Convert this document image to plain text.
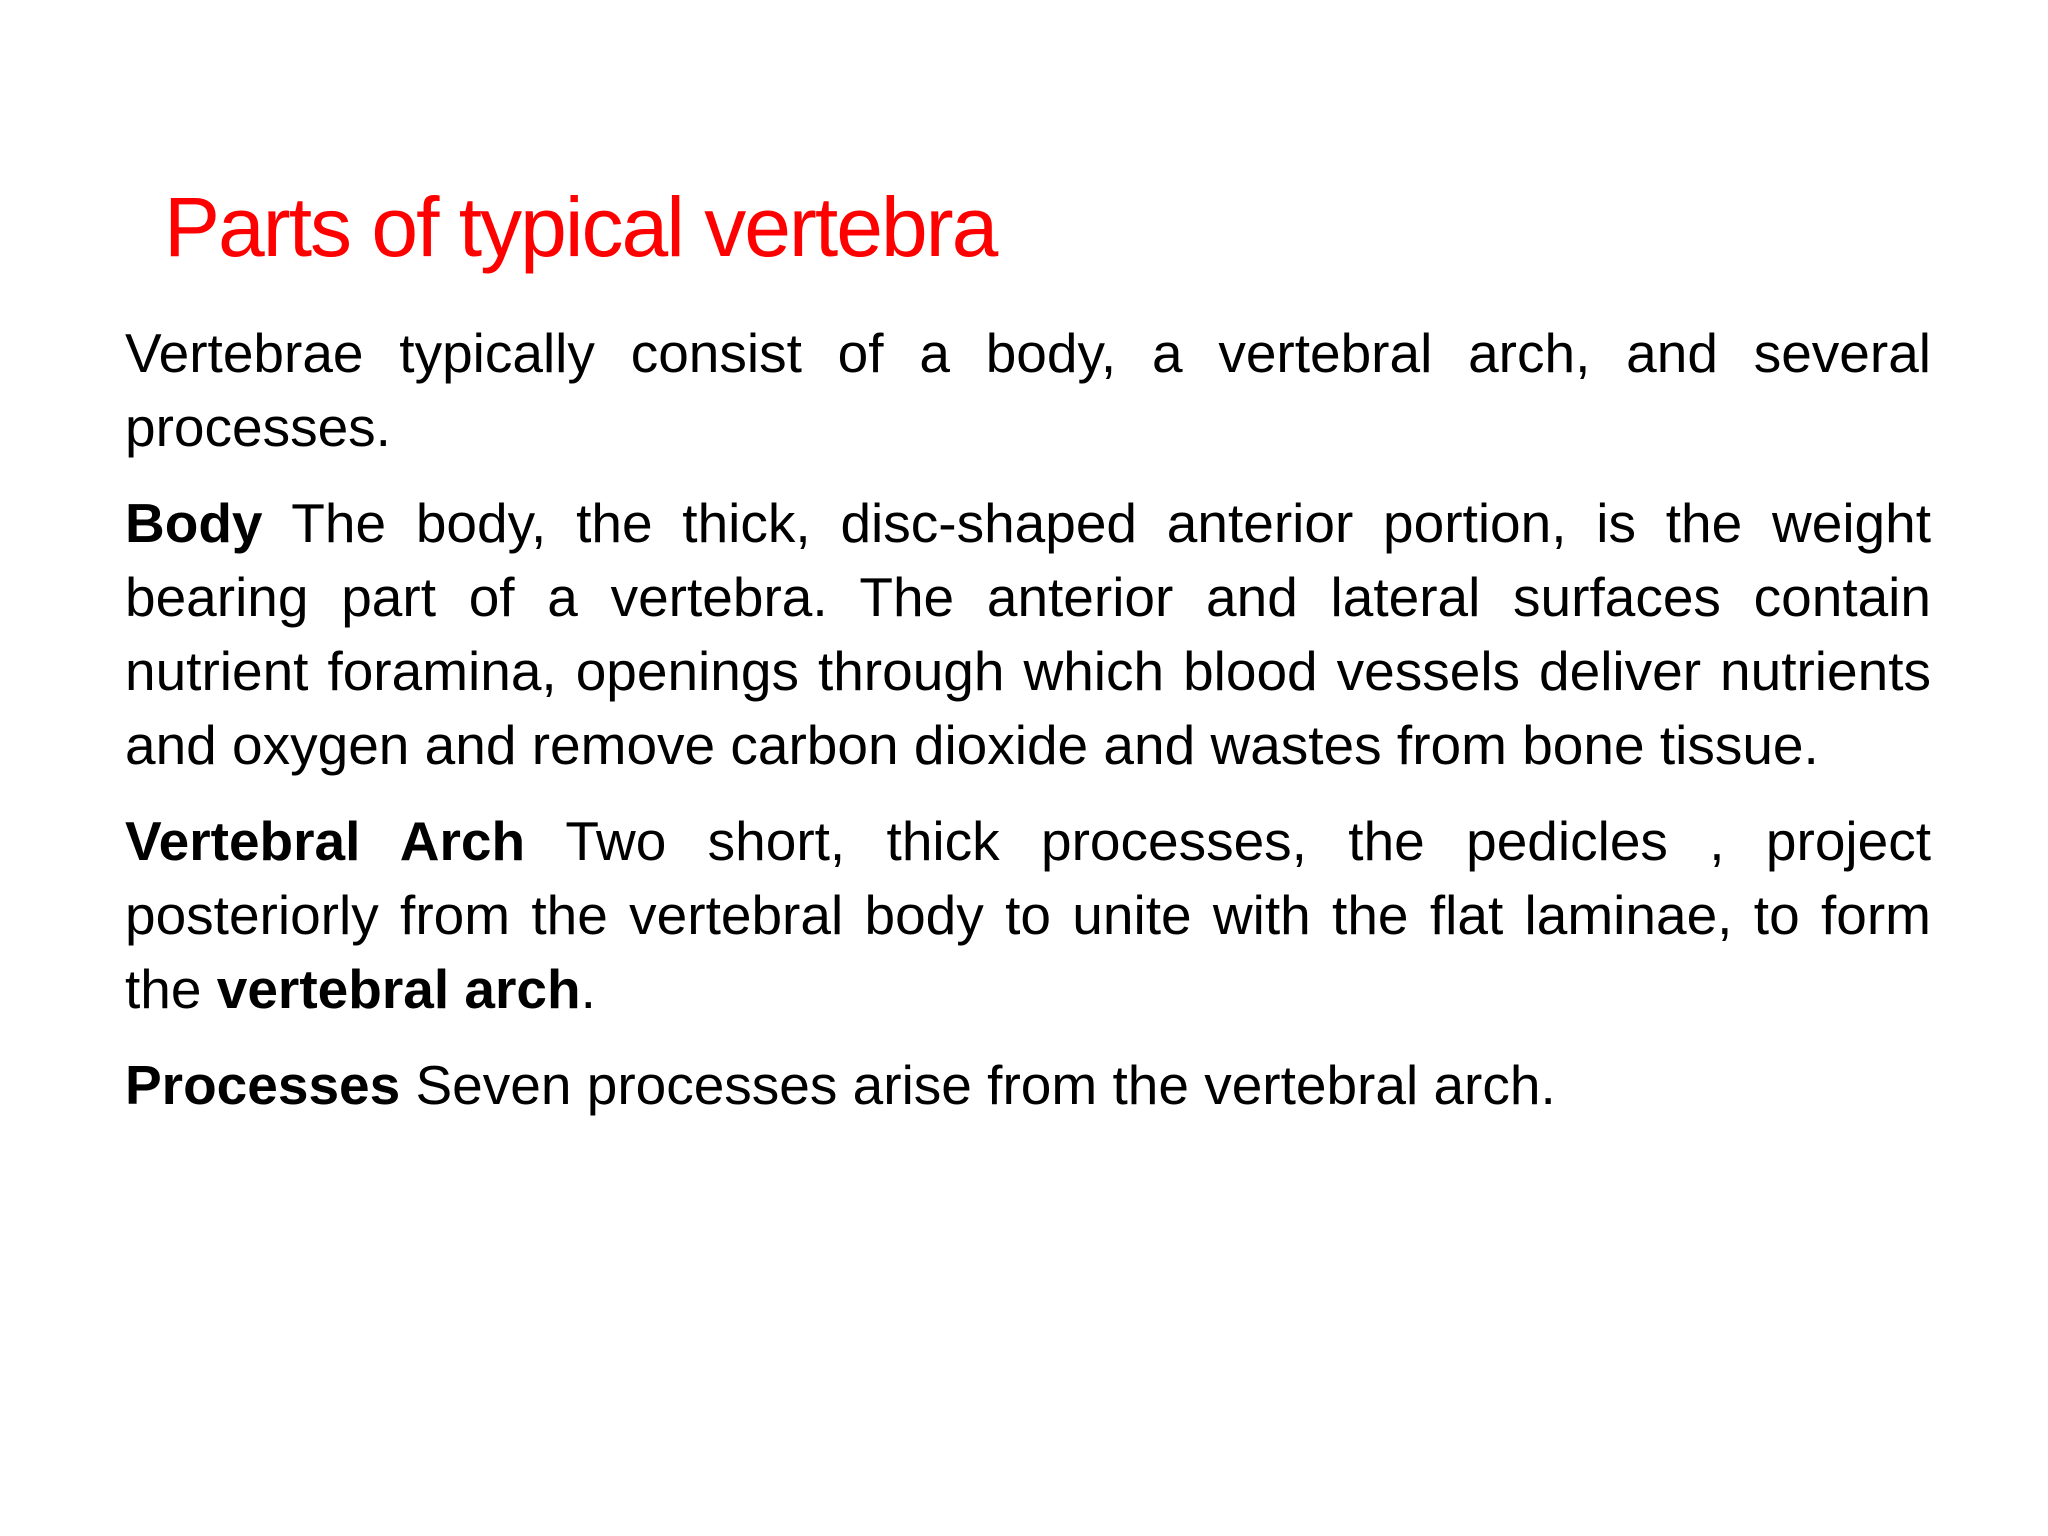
Parts of typical vertebra

Vertebrae typically consist of a body, a vertebral arch, and several processes.

Body The body, the thick, disc-shaped anterior portion, is the weight bearing part of a vertebra. The anterior and lateral surfaces contain nutrient foramina, openings through which blood vessels deliver nutrients and oxygen and remove carbon dioxide and wastes from bone tissue.

Vertebral Arch Two short, thick processes, the pedicles , project posteriorly from the vertebral body to unite with the flat laminae, to form the vertebral arch.

Processes Seven processes arise from the vertebral arch.
